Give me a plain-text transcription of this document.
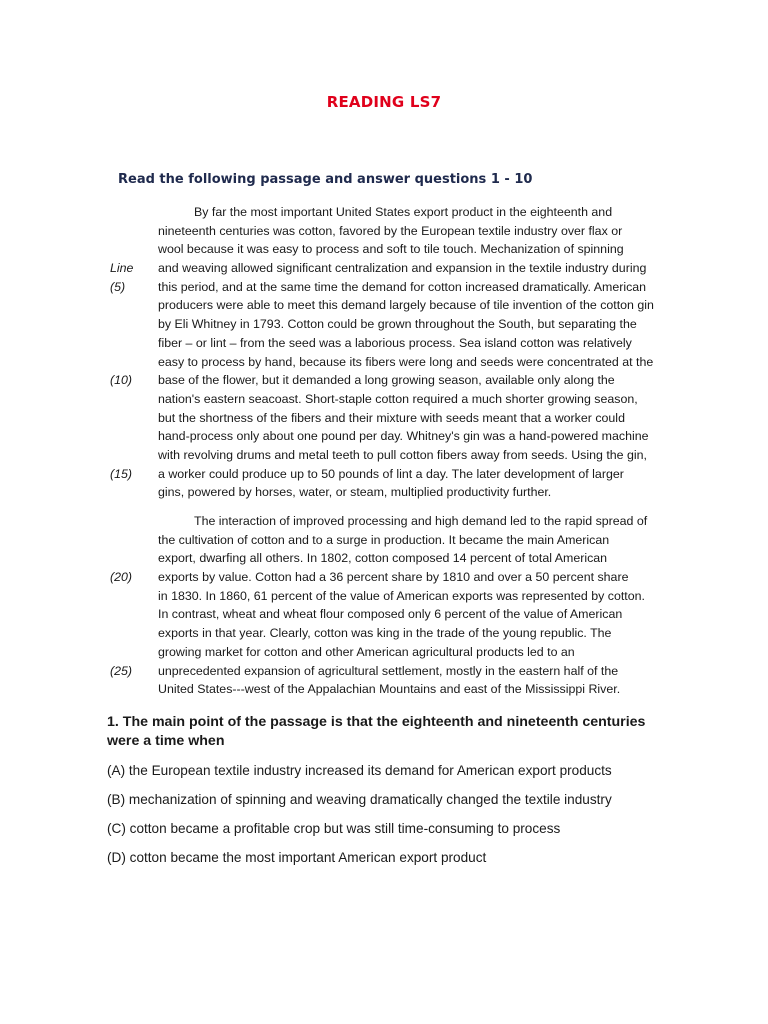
READING LS7
Read the following passage and answer questions 1 - 10
By far the most important United States export product in the eighteenth and
nineteenth centuries was cotton, favored by the European textile industry over flax or
wool because it was easy to process and soft to tile touch. Mechanization of spinning
Line and weaving allowed significant centralization and expansion in the textile industry during
(5)	this period, and at the same time the demand for cotton increased dramatically. American
producers were able to meet this demand largely because of tile invention of the cotton gin
by Eli Whitney in 1793. Cotton could be grown throughout the South, but separating the
fiber – or lint – from the seed was a laborious process. Sea island cotton was relatively
easy to process by hand, because its fibers were long and seeds were concentrated at the
(10) base of the flower, but it demanded a long growing season, available only along the
nation's eastern seacoast. Short-staple cotton required a much shorter growing season,
but the shortness of the fibers and their mixture with seeds meant that a worker could
hand-process only about one pound per day. Whitney's gin was a hand-powered machine
with revolving drums and metal teeth to pull cotton fibers away from seeds. Using the gin,
(15) a worker could produce up to 50 pounds of lint a day. The later development of larger
gins, powered by horses, water, or steam, multiplied productivity further.
The interaction of improved processing and high demand led to the rapid spread of
the cultivation of cotton and to a surge in production. It became the main American
export, dwarfing all others. In 1802, cotton composed 14 percent of total American
(20) exports by value. Cotton had a 36 percent share by 1810 and over a 50 percent share
in 1830. In 1860, 61 percent of the value of American exports was represented by cotton.
In contrast, wheat and wheat flour composed only 6 percent of the value of American
exports in that year. Clearly, cotton was king in the trade of the young republic. The
growing market for cotton and other American agricultural products led to an
(25) unprecedented expansion of agricultural settlement, mostly in the eastern half of the
United States---west of the Appalachian Mountains and east of the Mississippi River.
1. The main point of the passage is that the eighteenth and nineteenth centuries were a time when
(A) the European textile industry increased its demand for American export products
(B) mechanization of spinning and weaving dramatically changed the textile industry
(C) cotton became a profitable crop but was still time-consuming to process
(D) cotton became the most important American export product
